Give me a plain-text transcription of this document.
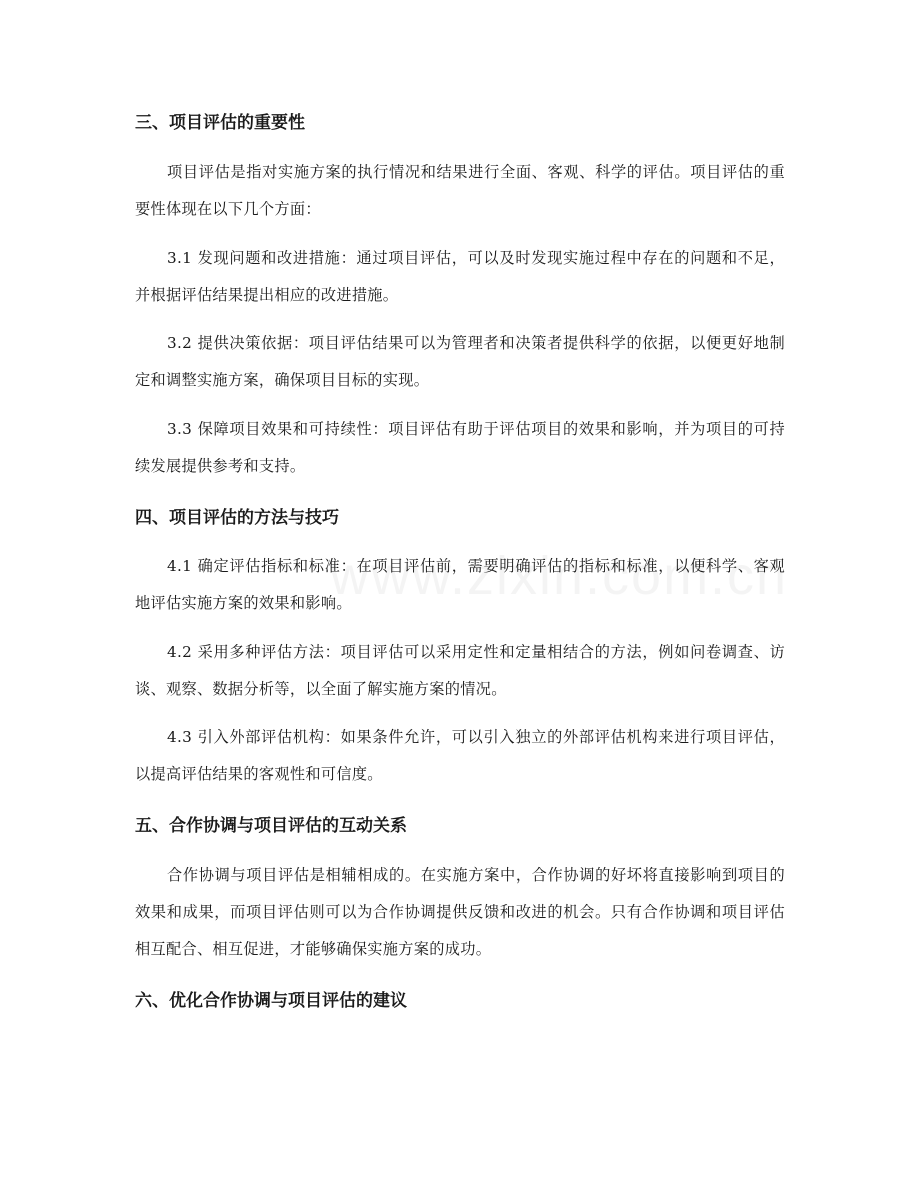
三、项目评估的重要性

项目评估是指对实施方案的执行情况和结果进行全面、客观、科学的评估。项目评估的重要性体现在以下几个方面：

3.1 发现问题和改进措施：通过项目评估，可以及时发现实施过程中存在的问题和不足，并根据评估结果提出相应的改进措施。

3.2 提供决策依据：项目评估结果可以为管理者和决策者提供科学的依据，以便更好地制定和调整实施方案，确保项目目标的实现。

3.3 保障项目效果和可持续性：项目评估有助于评估项目的效果和影响，并为项目的可持续发展提供参考和支持。

四、项目评估的方法与技巧

4.1 确定评估指标和标准：在项目评估前，需要明确评估的指标和标准，以便科学、客观地评估实施方案的效果和影响。

4.2 采用多种评估方法：项目评估可以采用定性和定量相结合的方法，例如问卷调查、访谈、观察、数据分析等，以全面了解实施方案的情况。

4.3 引入外部评估机构：如果条件允许，可以引入独立的外部评估机构来进行项目评估，以提高评估结果的客观性和可信度。

五、合作协调与项目评估的互动关系

合作协调与项目评估是相辅相成的。在实施方案中，合作协调的好坏将直接影响到项目的效果和成果，而项目评估则可以为合作协调提供反馈和改进的机会。只有合作协调和项目评估相互配合、相互促进，才能够确保实施方案的成功。

六、优化合作协调与项目评估的建议
